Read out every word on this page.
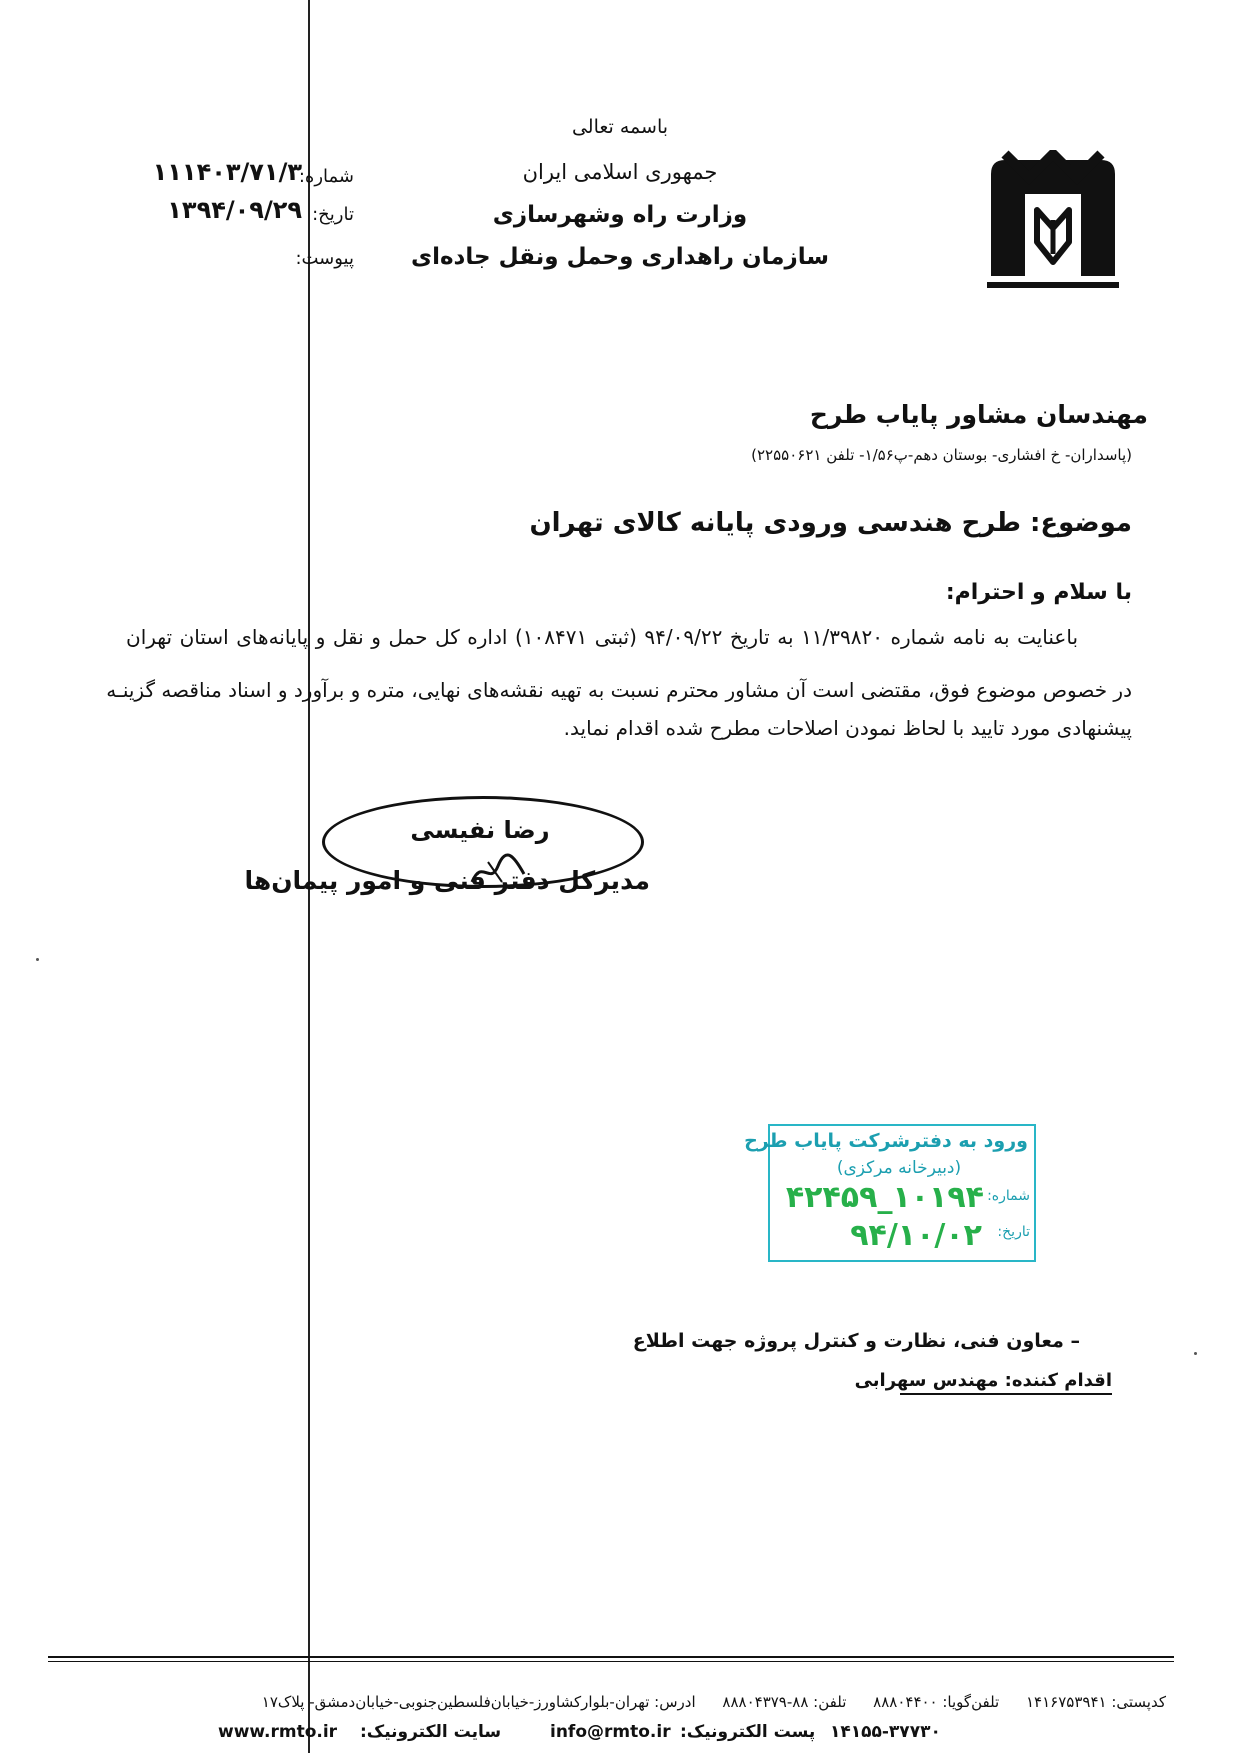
باسمه تعالی
جمهوری اسلامی ایران
وزارت راه وشهرسازی
سازمان راهداری وحمل ونقل جاده‌ای
شماره:
۱۱۱۴۰۳/۷۱/۳
تاریخ:
۱۳۹۴/۰۹/۲۹
پیوست:
مهندسان مشاور پایاب طرح
(پاسداران- خ افشاری- بوستان دهم-پ۱/۵۶- تلفن ۲۲۵۵۰۶۲۱)
موضوع: طرح هندسی ورودی پایانه کالای تهران
با سلام و احترام:
باعنایت به نامه شماره ۱۱/۳۹۸۲۰ به تاریخ ۹۴/۰۹/۲۲ (ثبتی ۱۰۸۴۷۱) اداره کل حمل و نقل و پایانه‌های استان تهران
در خصوص موضوع فوق، مقتضی است آن مشاور محترم نسبت به تهیه نقشه‌های نهایی، متره و برآورد و اسناد مناقصه گزینـه
پیشنهادی مورد تایید با لحاظ نمودن اصلاحات مطرح شده اقدام نماید.
رضا نفیسی
مدیرکل دفتر فنی و امور پیمان‌ها
ورود به دفترشرکت پایاب طرح
(دبیرخانه مرکزی)
شماره:
۱۰۱۹۴_۴۲۴۵۹
تاریخ:
۹۴/۱۰/۰۲
– معاون فنی، نظارت و کنترل پروژه جهت اطلاع
اقدام کننده: مهندس سهرابی
ادرس: تهران-بلوارکشاورز-خیابان‌فلسطین‌جنوبی-خیابان‌دمشق- پلاک۱۷ تلفن: ۸۸-۸۸۸۰۴۳۷۹ تلفن‌گویا: ۸۸۸۰۴۴۰۰ کدپستی: ۱۴۱۶۷۵۳۹۴۱
www.rmto.ir سایت الکترونیک:	info@rmto.ir پست الکترونیک: ۱۴۱۵۵-۳۷۷۳۰
